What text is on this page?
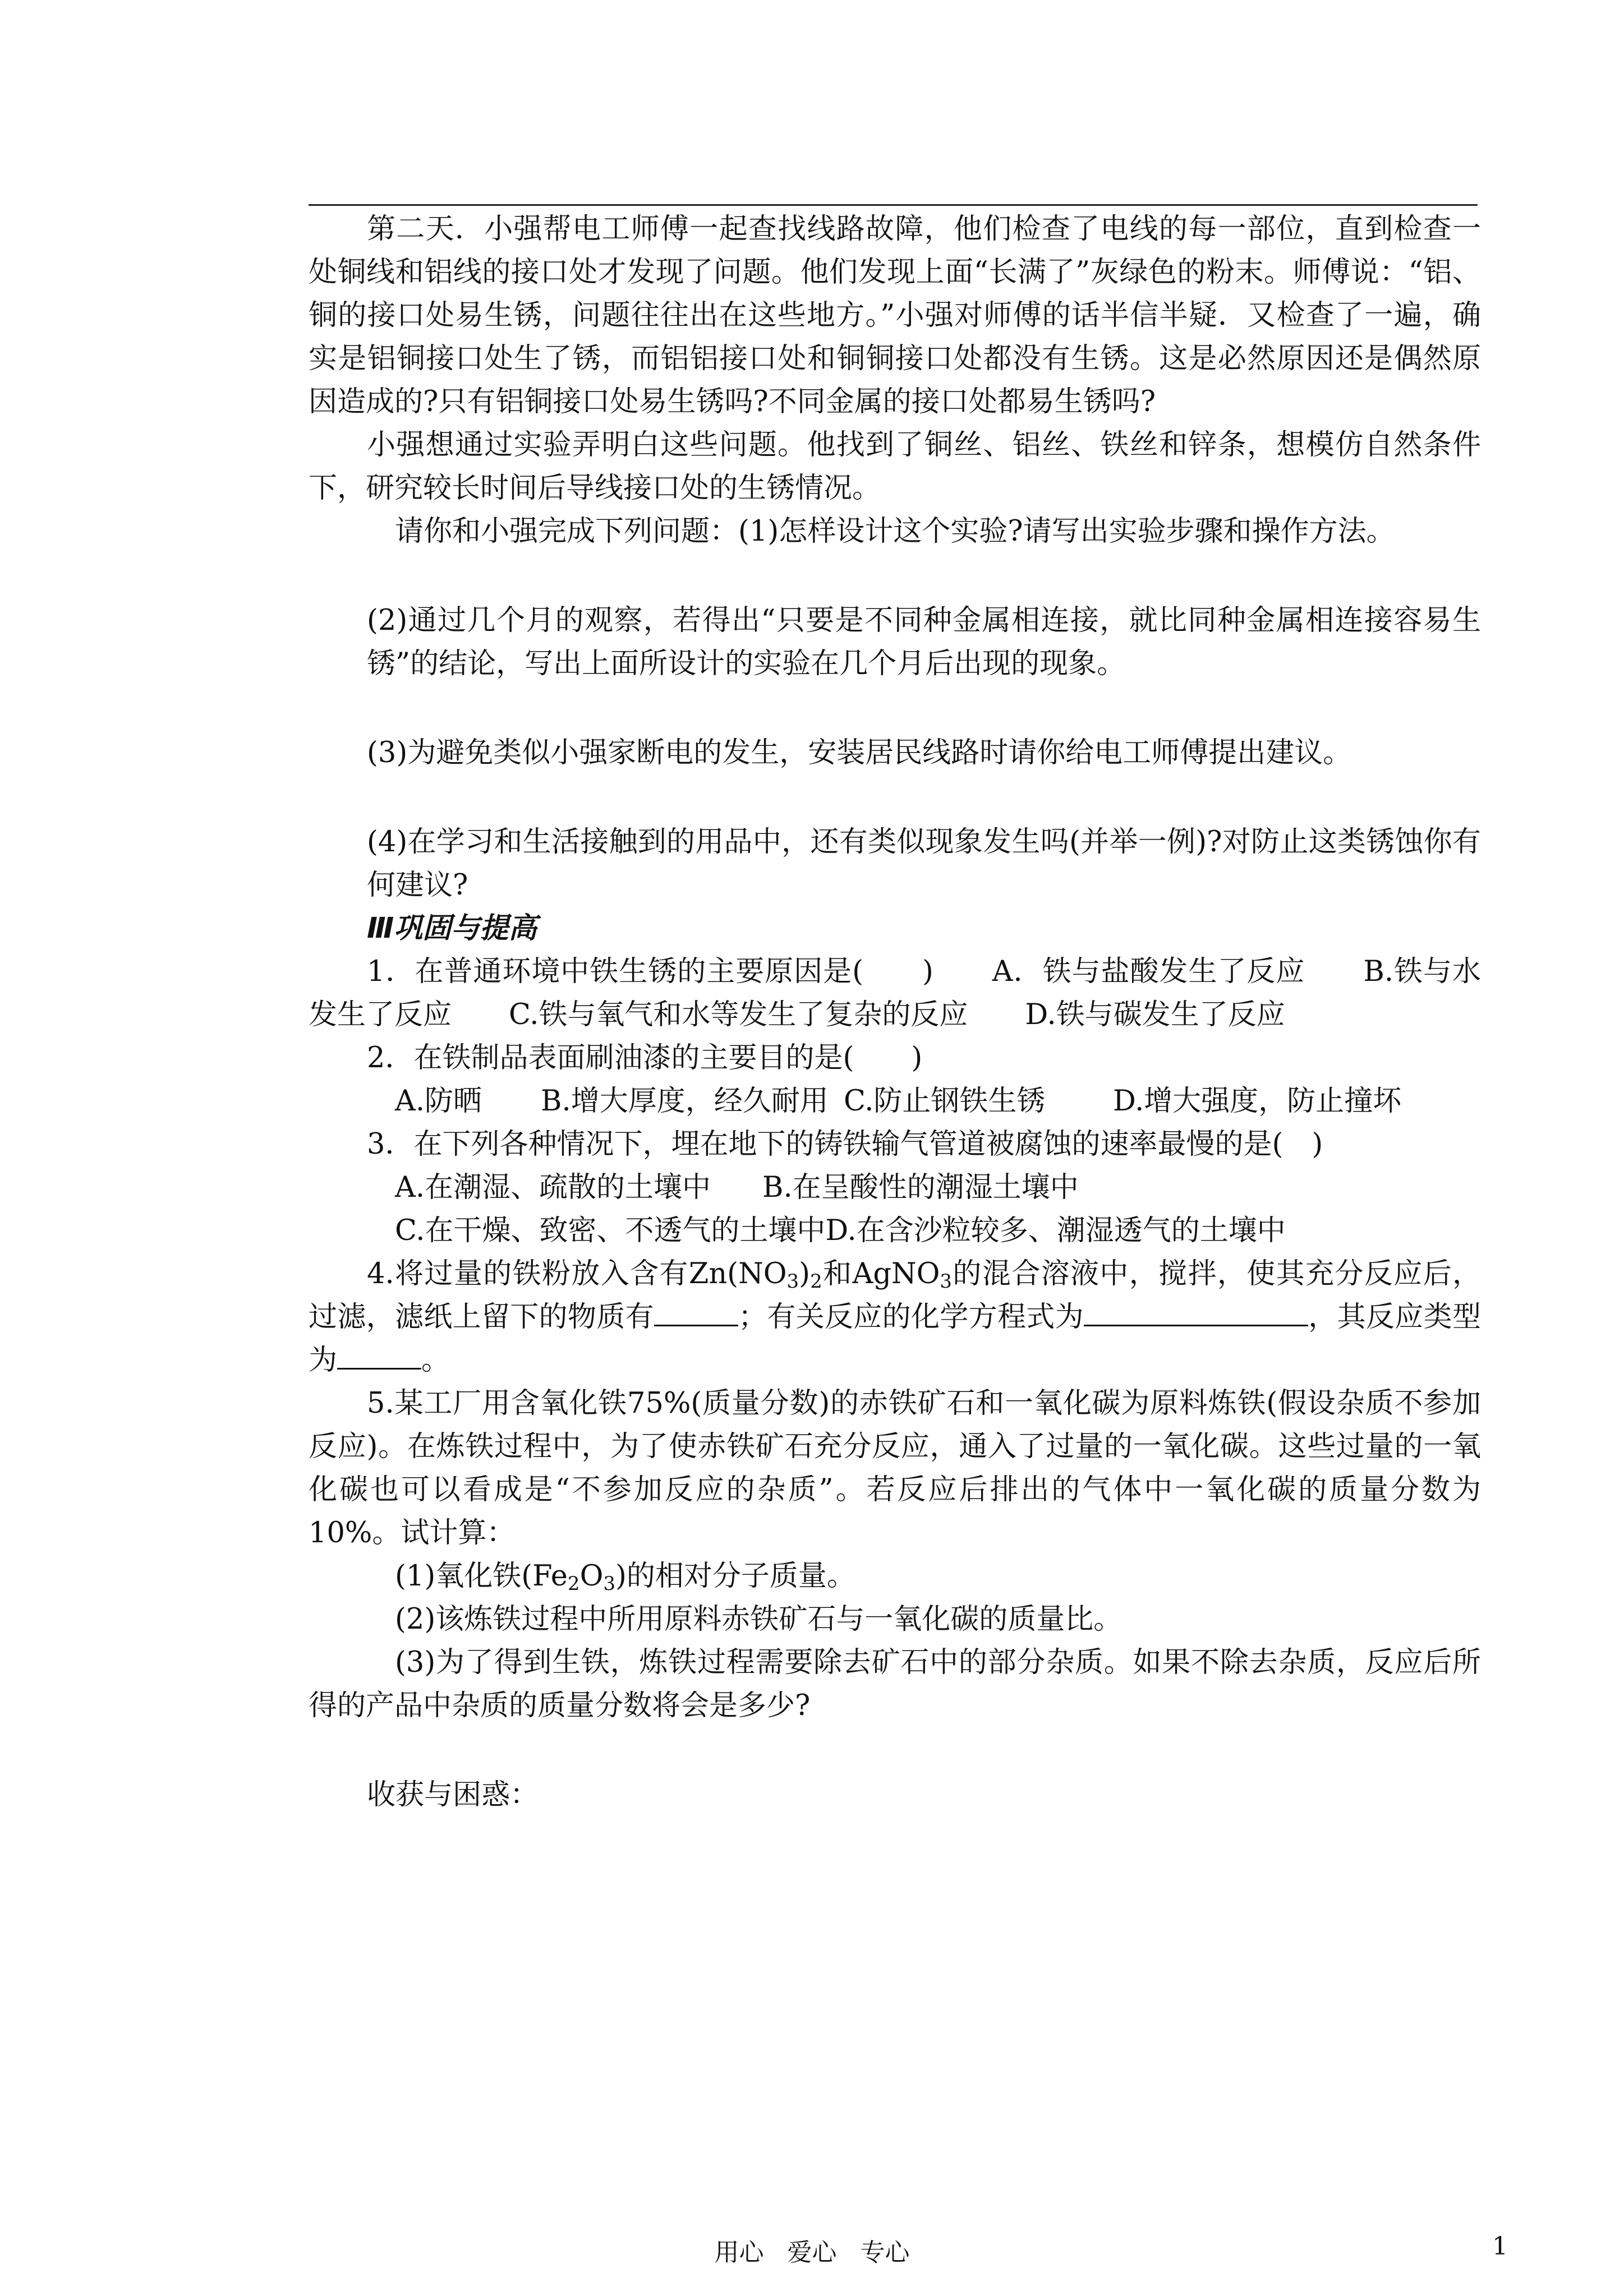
第二天．小强帮电工师傅一起查找线路故障，他们检查了电线的每一部位，直到检查一处铜线和铝线的接口处才发现了问题。他们发现上面“长满了”灰绿色的粉末。师傅说：“铝、铜的接口处易生锈，问题往往出在这些地方。”小强对师傅的话半信半疑．又检查了一遍，确实是铝铜接口处生了锈，而铝铝接口处和铜铜接口处都没有生锈。这是必然原因还是偶然原因造成的?只有铝铜接口处易生锈吗?不同金属的接口处都易生锈吗?

小强想通过实验弄明白这些问题。他找到了铜丝、铝丝、铁丝和锌条，想模仿自然条件下，研究较长时间后导线接口处的生锈情况。

请你和小强完成下列问题：(1)怎样设计这个实验?请写出实验步骤和操作方法。

(2)通过几个月的观察，若得出“只要是不同种金属相连接，就比同种金属相连接容易生锈”的结论，写出上面所设计的实验在几个月后出现的现象。

(3)为避免类似小强家断电的发生，安装居民线路时请你给电工师傅提出建议。

(4)在学习和生活接触到的用品中，还有类似现象发生吗(并举一例)?对防止这类锈蚀你有何建议?

Ⅲ巩固与提高

1．在普通环境中铁生锈的主要原因是(　　)　　A．铁与盐酸发生了反应　　B.铁与水发生了反应　　C.铁与氧气和水等发生了复杂的反应　　D.铁与碳发生了反应

2．在铁制品表面刷油漆的主要目的是(　　)

A.防晒	B.增大厚度，经久耐用 C.防止钢铁生锈	D.增大强度，防止撞坏

3．在下列各种情况下，埋在地下的铸铁输气管道被腐蚀的速率最慢的是(　)

A.在潮湿、疏散的土壤中	B.在呈酸性的潮湿土壤中
C.在干燥、致密、不透气的土壤中 D.在含沙粒较多、潮湿透气的土壤中

4.将过量的铁粉放入含有$Zn(NO_3)_2$和AgNO$_3$的混合溶液中，搅拌，使其充分反应后，过滤，滤纸上留下的物质有	；有关反应的化学方程式为	，其反应类型为	。

5.某工厂用含氧化铁75%(质量分数)的赤铁矿石和一氧化碳为原料炼铁(假设杂质不参加反应)。在炼铁过程中，为了使赤铁矿石充分反应，通入了过量的一氧化碳。这些过量的一氧化碳也可以看成是“不参加反应的杂质”。若反应后排出的气体中一氧化碳的质量分数为10%。试计算：

(1)氧化铁$(Fe_2O_3)$的相对分子质量。

(2)该炼铁过程中所用原料赤铁矿石与一氧化碳的质量比。

(3)为了得到生铁，炼铁过程需要除去矿石中的部分杂质。如果不除去杂质，反应后所得的产品中杂质的质量分数将会是多少?

收获与困惑：

用心 爱心 专心	1
